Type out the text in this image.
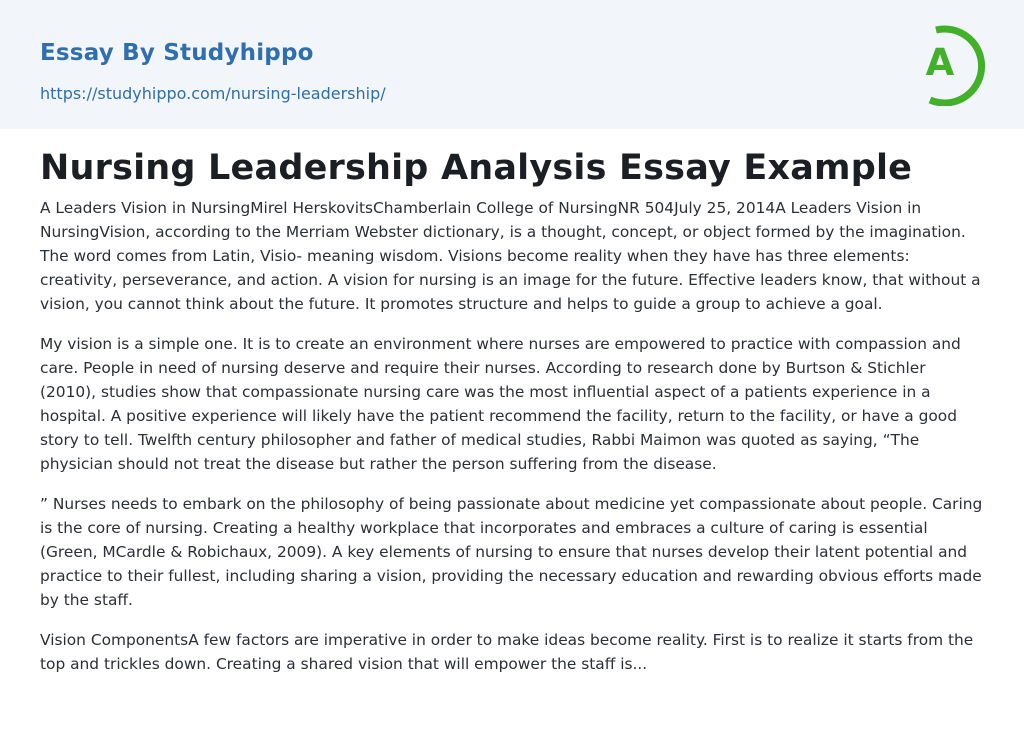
Essay By Studyhippo
https://studyhippo.com/nursing-leadership/
A
Nursing Leadership Analysis Essay Example

A Leaders Vision in NursingMirel HerskovitsChamberlain College of NursingNR 504July 25, 2014A Leaders Vision in NursingVision, according to the Merriam Webster dictionary, is a thought, concept, or object formed by the imagination. The word comes from Latin, Visio- meaning wisdom. Visions become reality when they have has three elements: creativity, perseverance, and action. A vision for nursing is an image for the future. Effective leaders know, that without a vision, you cannot think about the future. It promotes structure and helps to guide a group to achieve a goal.

My vision is a simple one. It is to create an environment where nurses are empowered to practice with compassion and care. People in need of nursing deserve and require their nurses. According to research done by Burtson & Stichler (2010), studies show that compassionate nursing care was the most influential aspect of a patients experience in a hospital. A positive experience will likely have the patient recommend the facility, return to the facility, or have a good story to tell. Twelfth century philosopher and father of medical studies, Rabbi Maimon was quoted as saying, “The physician should not treat the disease but rather the person suffering from the disease.

” Nurses needs to embark on the philosophy of being passionate about medicine yet compassionate about people. Caring is the core of nursing. Creating a healthy workplace that incorporates and embraces a culture of caring is essential (Green, MCardle & Robichaux, 2009). A key elements of nursing to ensure that nurses develop their latent potential and practice to their fullest, including sharing a vision, providing the necessary education and rewarding obvious efforts made by the staff.

Vision ComponentsA few factors are imperative in order to make ideas become reality. First is to realize it starts from the top and trickles down. Creating a shared vision that will empower the staff is...
